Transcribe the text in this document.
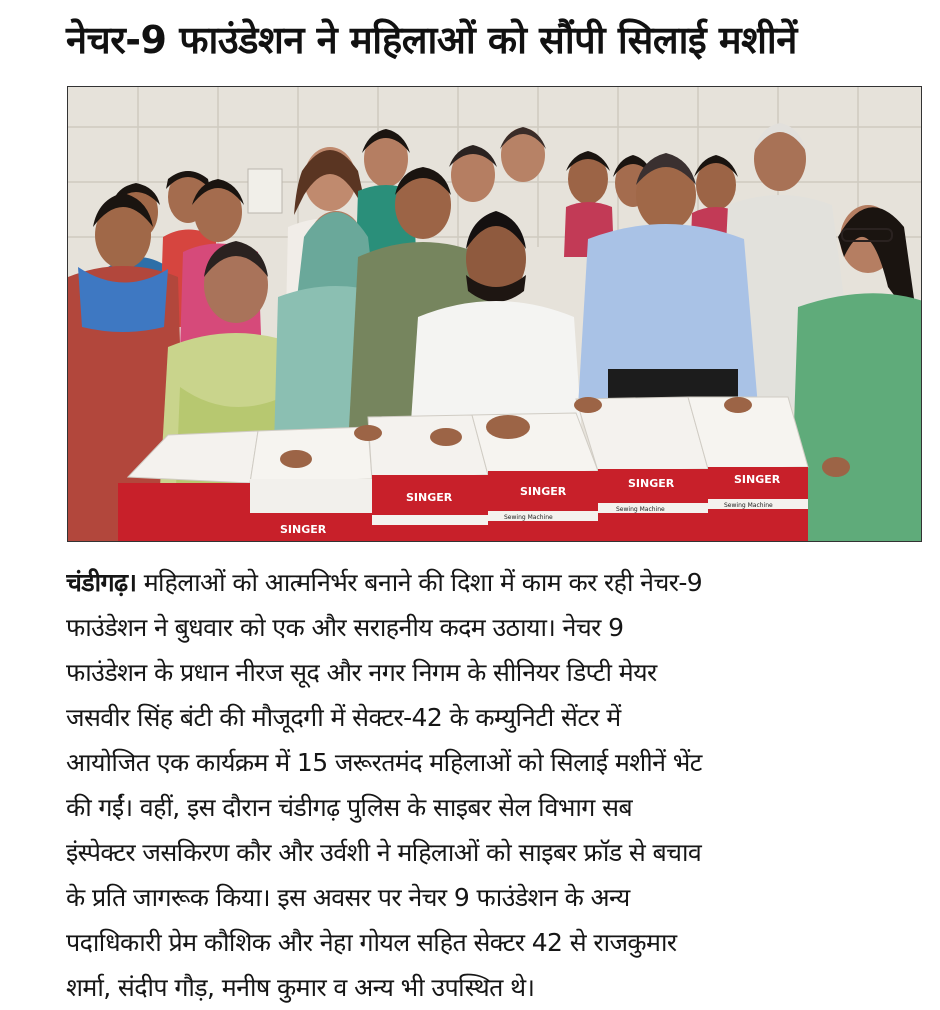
नेचर-9 फाउंडेशन ने महिलाओं को सौंपी सिलाई मशीनें
SINGER
SINGER	SINGER
SINGER	SINGER
Sewing Machine
Sewing Machine
Sewing Machine
चंडीगढ़। महिलाओं को आत्मनिर्भर बनाने की दिशा में काम कर रही नेचर-9
फाउंडेशन ने बुधवार को एक और सराहनीय कदम उठाया। नेचर 9
फाउंडेशन के प्रधान नीरज सूद और नगर निगम के सीनियर डिप्टी मेयर
जसवीर सिंह बंटी की मौजूदगी में सेक्टर-42 के कम्युनिटी सेंटर में
आयोजित एक कार्यक्रम में 15 जरूरतमंद महिलाओं को सिलाई मशीनें भेंट
की गईं। वहीं, इस दौरान चंडीगढ़ पुलिस के साइबर सेल विभाग सब
इंस्पेक्टर जसकिरण कौर और उर्वशी ने महिलाओं को साइबर फ्रॉड से बचाव
के प्रति जागरूक किया। इस अवसर पर नेचर 9 फाउंडेशन के अन्य
पदाधिकारी प्रेम कौशिक और नेहा गोयल सहित सेक्टर 42 से राजकुमार
शर्मा, संदीप गौड़, मनीष कुमार व अन्य भी उपस्थित थे।
